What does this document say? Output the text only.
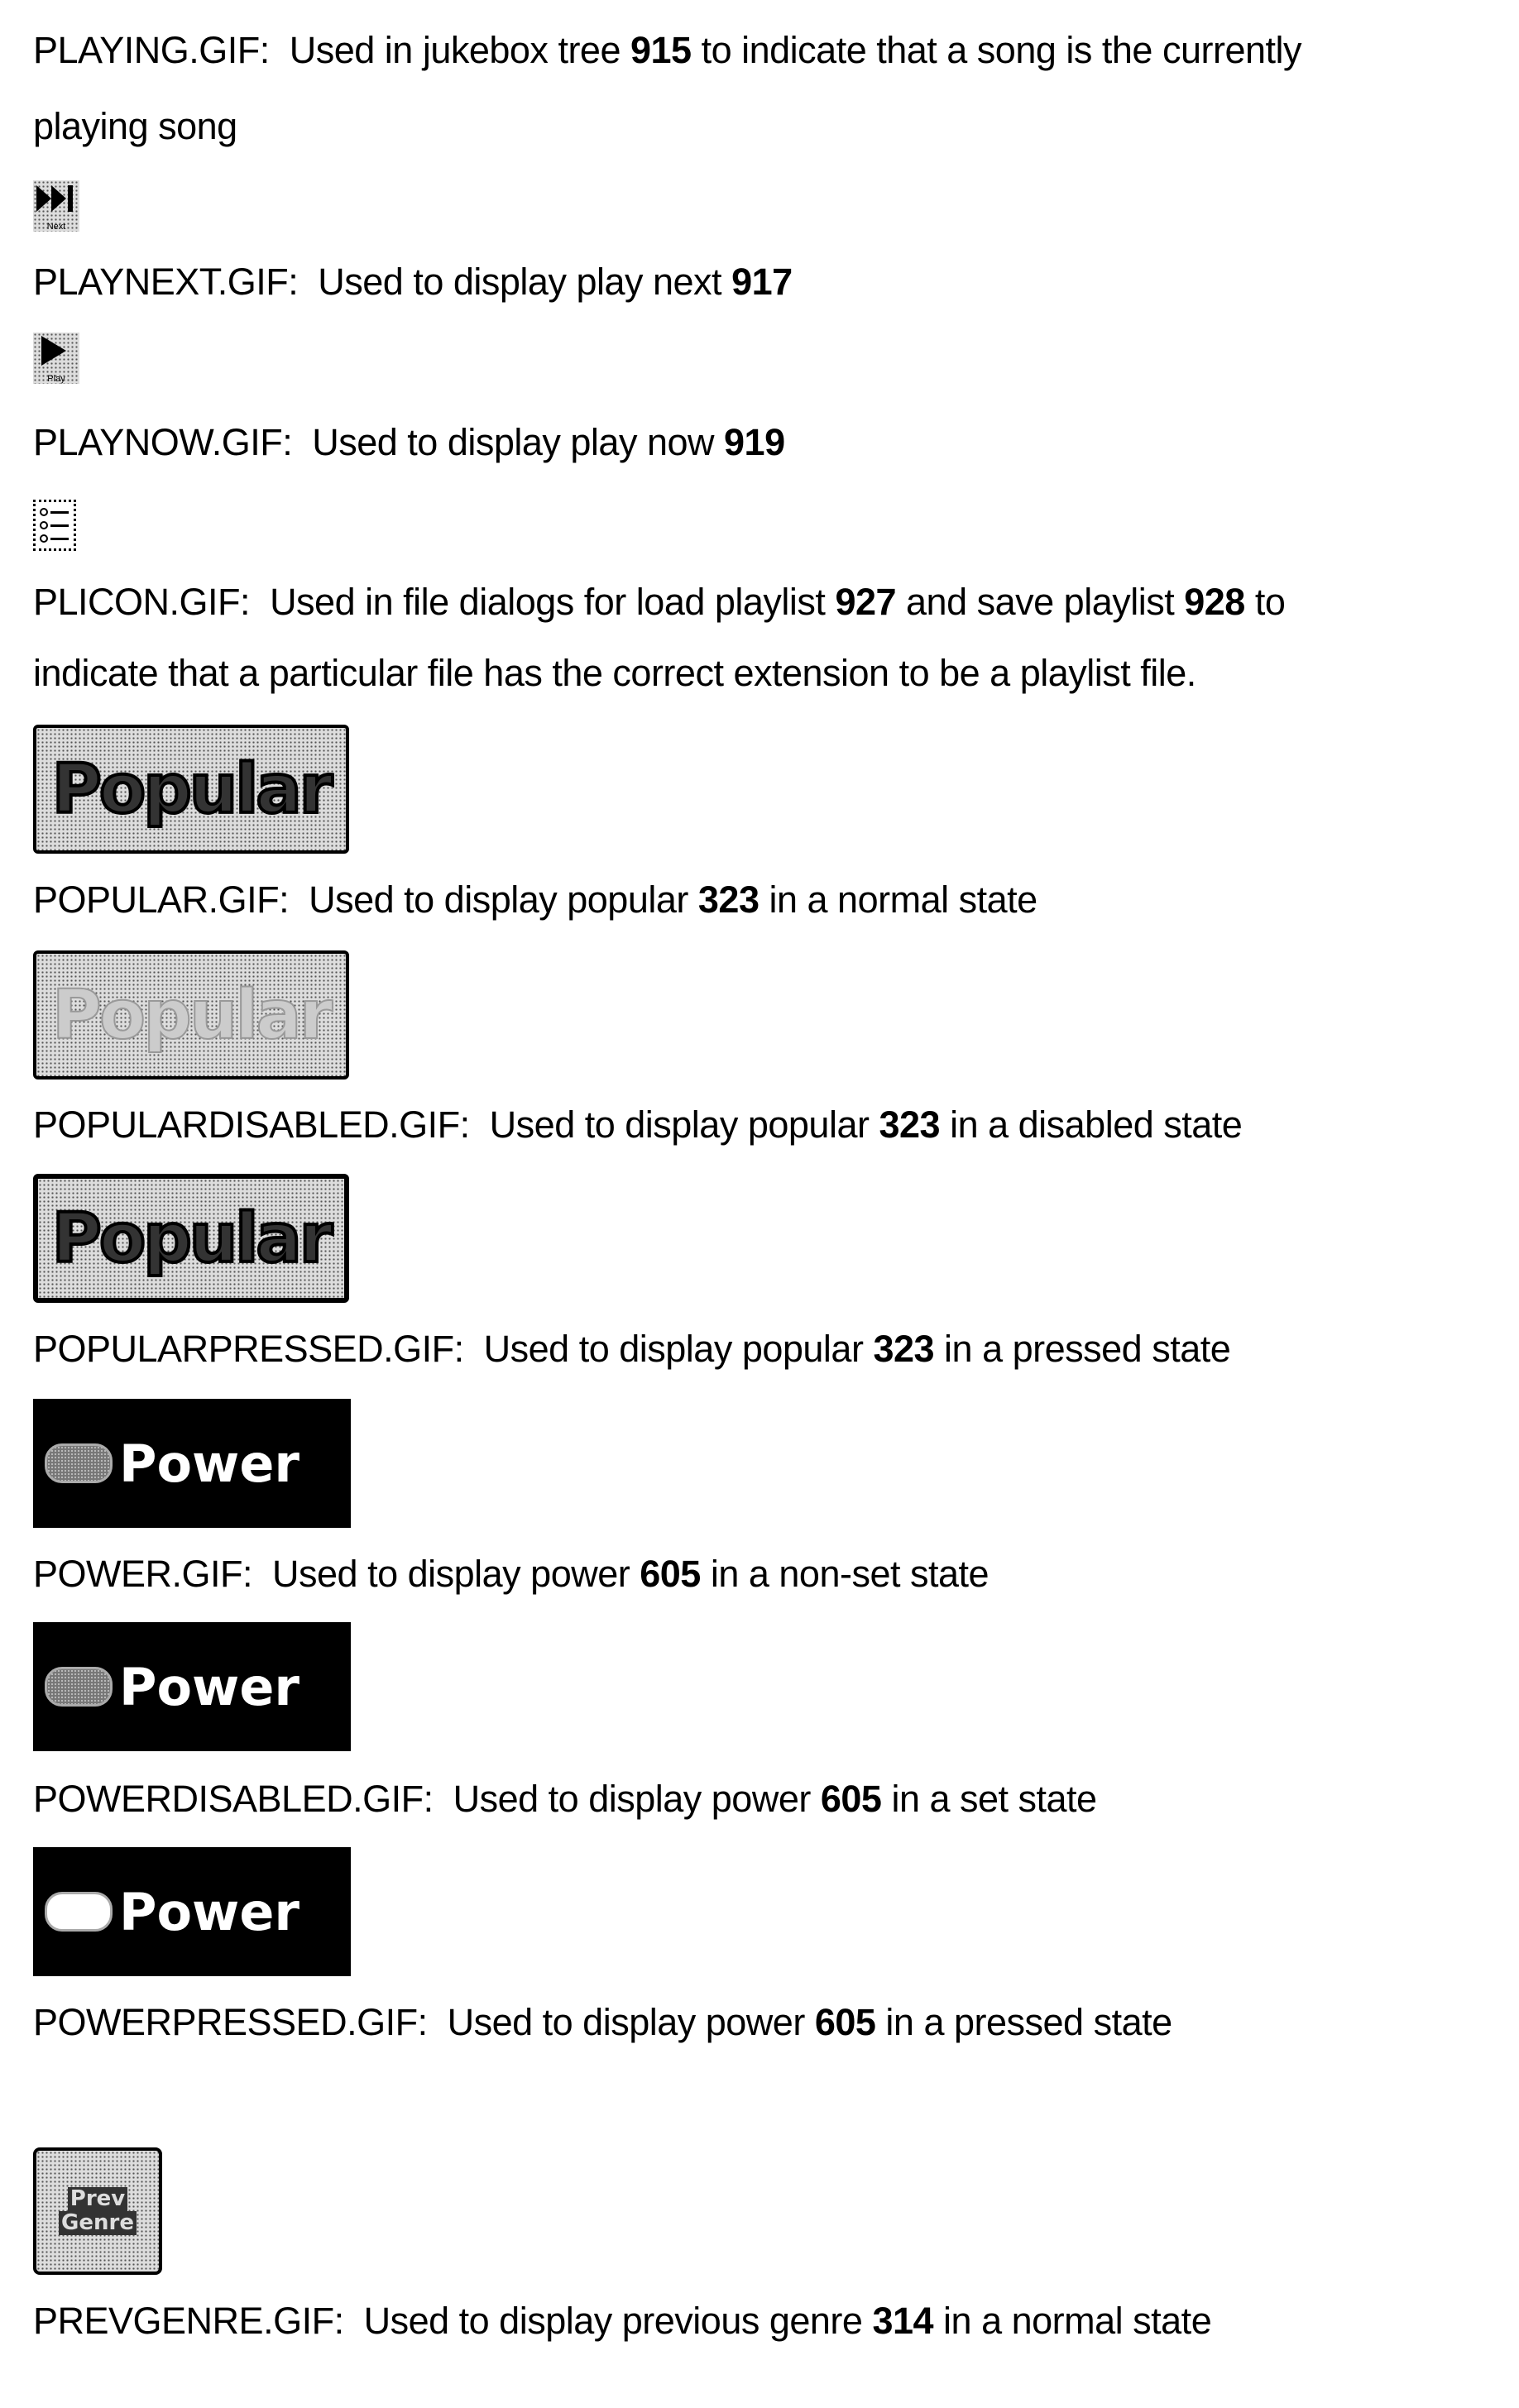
PLAYING.GIF: Used in jukebox tree 915 to indicate that a song is the currently
playing song
Next
PLAYNEXT.GIF: Used to display play next 917
Play
PLAYNOW.GIF: Used to display play now 919
PLICON.GIF: Used in file dialogs for load playlist 927 and save playlist 928 to
indicate that a particular file has the correct extension to be a playlist file.
Popular
POPULAR.GIF: Used to display popular 323 in a normal state
Popular
POPULARDISABLED.GIF: Used to display popular 323 in a disabled state
Popular
POPULARPRESSED.GIF: Used to display popular 323 in a pressed state
Power
POWER.GIF: Used to display power 605 in a non-set state
Power
POWERDISABLED.GIF: Used to display power 605 in a set state
Power
POWERPRESSED.GIF: Used to display power 605 in a pressed state
Prev
Genre
PREVGENRE.GIF: Used to display previous genre 314 in a normal state
